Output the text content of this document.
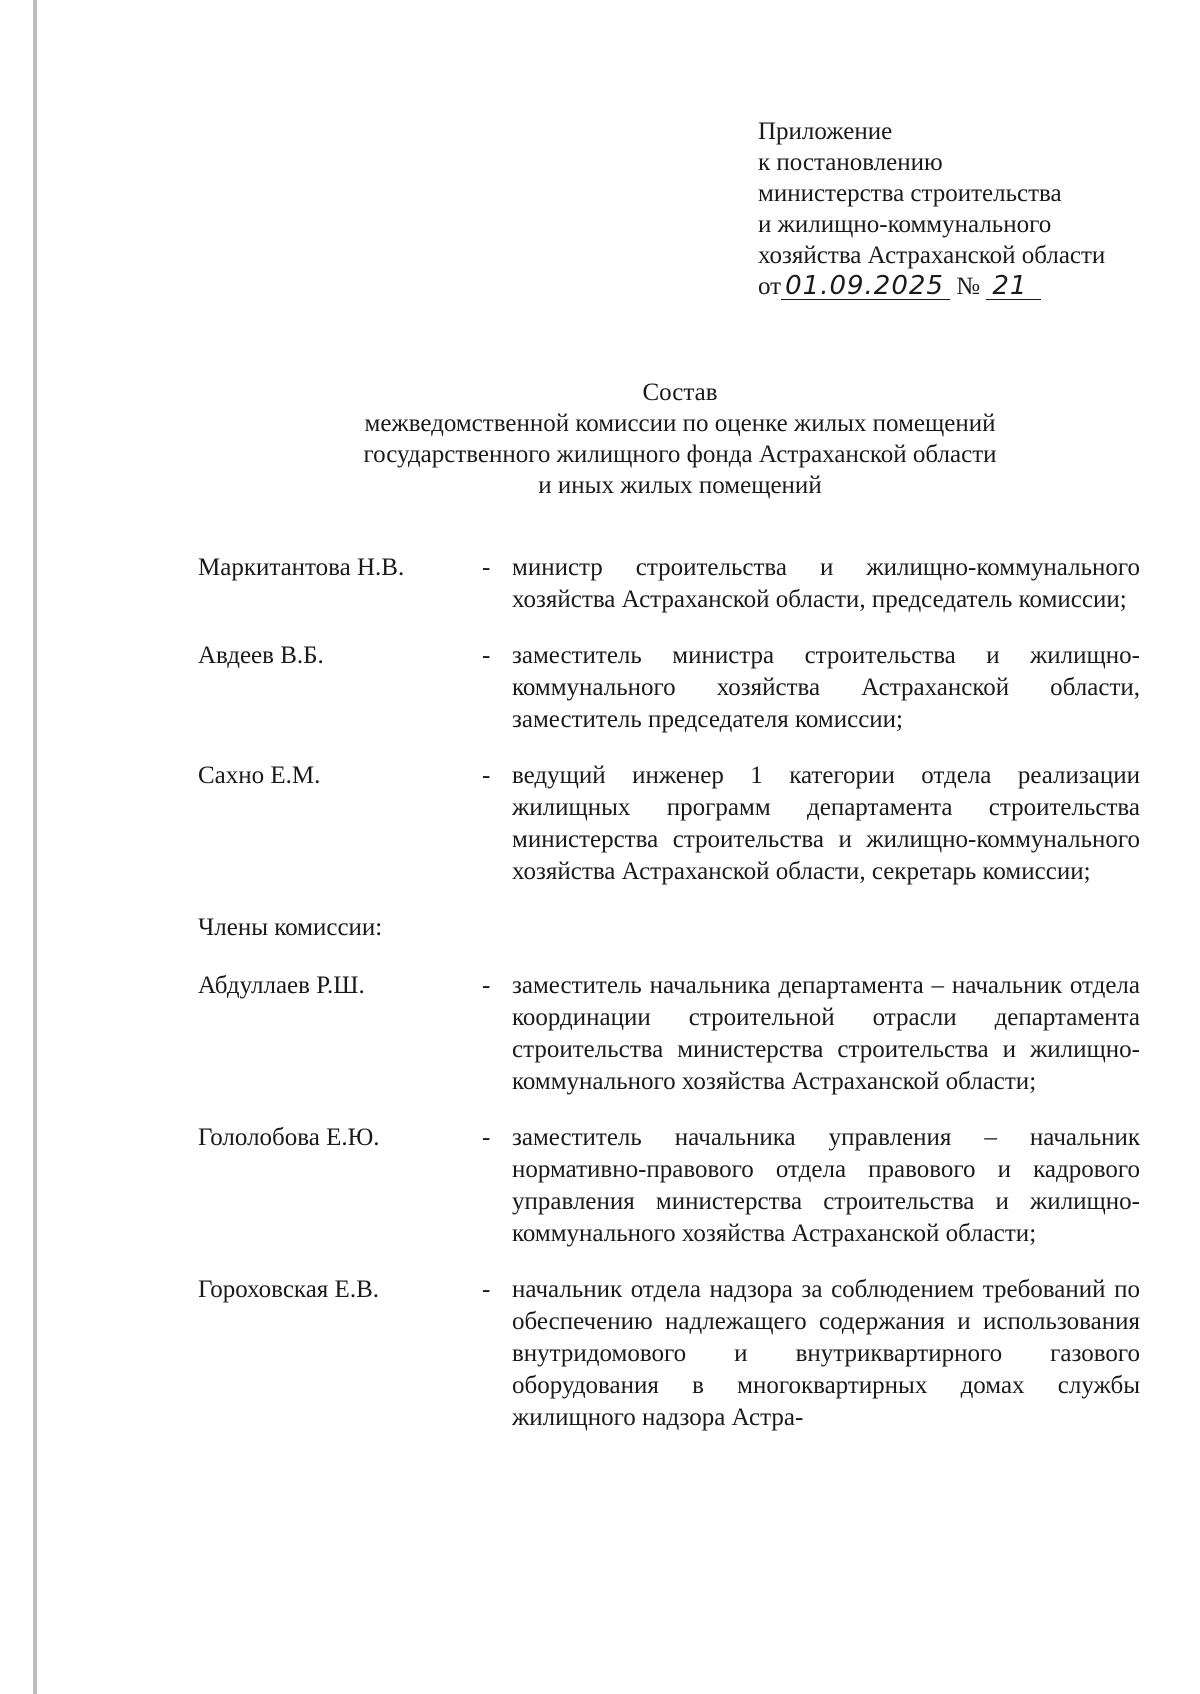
Приложение
к постановлению
министерства строительства
и жилищно-коммунального
хозяйства Астраханской области
от 01.09.2025 № 21
Состав
межведомственной комиссии по оценке жилых помещений
государственного жилищного фонда Астраханской области
и иных жилых помещений
Маркитантова Н.В.	- министр строительства и жилищно-коммунального хозяйства Астраханской области, председатель комиссии;
Авдеев В.Б.	- заместитель министра строительства и жилищно-коммунального хозяйства Астраханской области, заместитель председателя комиссии;
Сахно Е.М.	- ведущий инженер 1 категории отдела реализации жилищных программ департамента строительства министерства строительства и жилищно-коммунального хозяйства Астраханской области, секретарь комиссии;
Члены комиссии:
Абдуллаев Р.Ш.	- заместитель начальника департамента – начальник отдела координации строительной отрасли департамента строительства министерства строительства и жилищно-коммунального хозяйства Астраханской области;
Гололобова Е.Ю.	- заместитель начальника управления – начальник нормативно-правового отдела правового и кадрового управления министерства строительства и жилищно-коммунального хозяйства Астраханской области;
Гороховская Е.В.	- начальник отдела надзора за соблюдением требований по обеспечению надлежащего содержания и использования внутридомового и внутриквартирного газового оборудования в многоквартирных домах службы жилищного надзора Астра-
